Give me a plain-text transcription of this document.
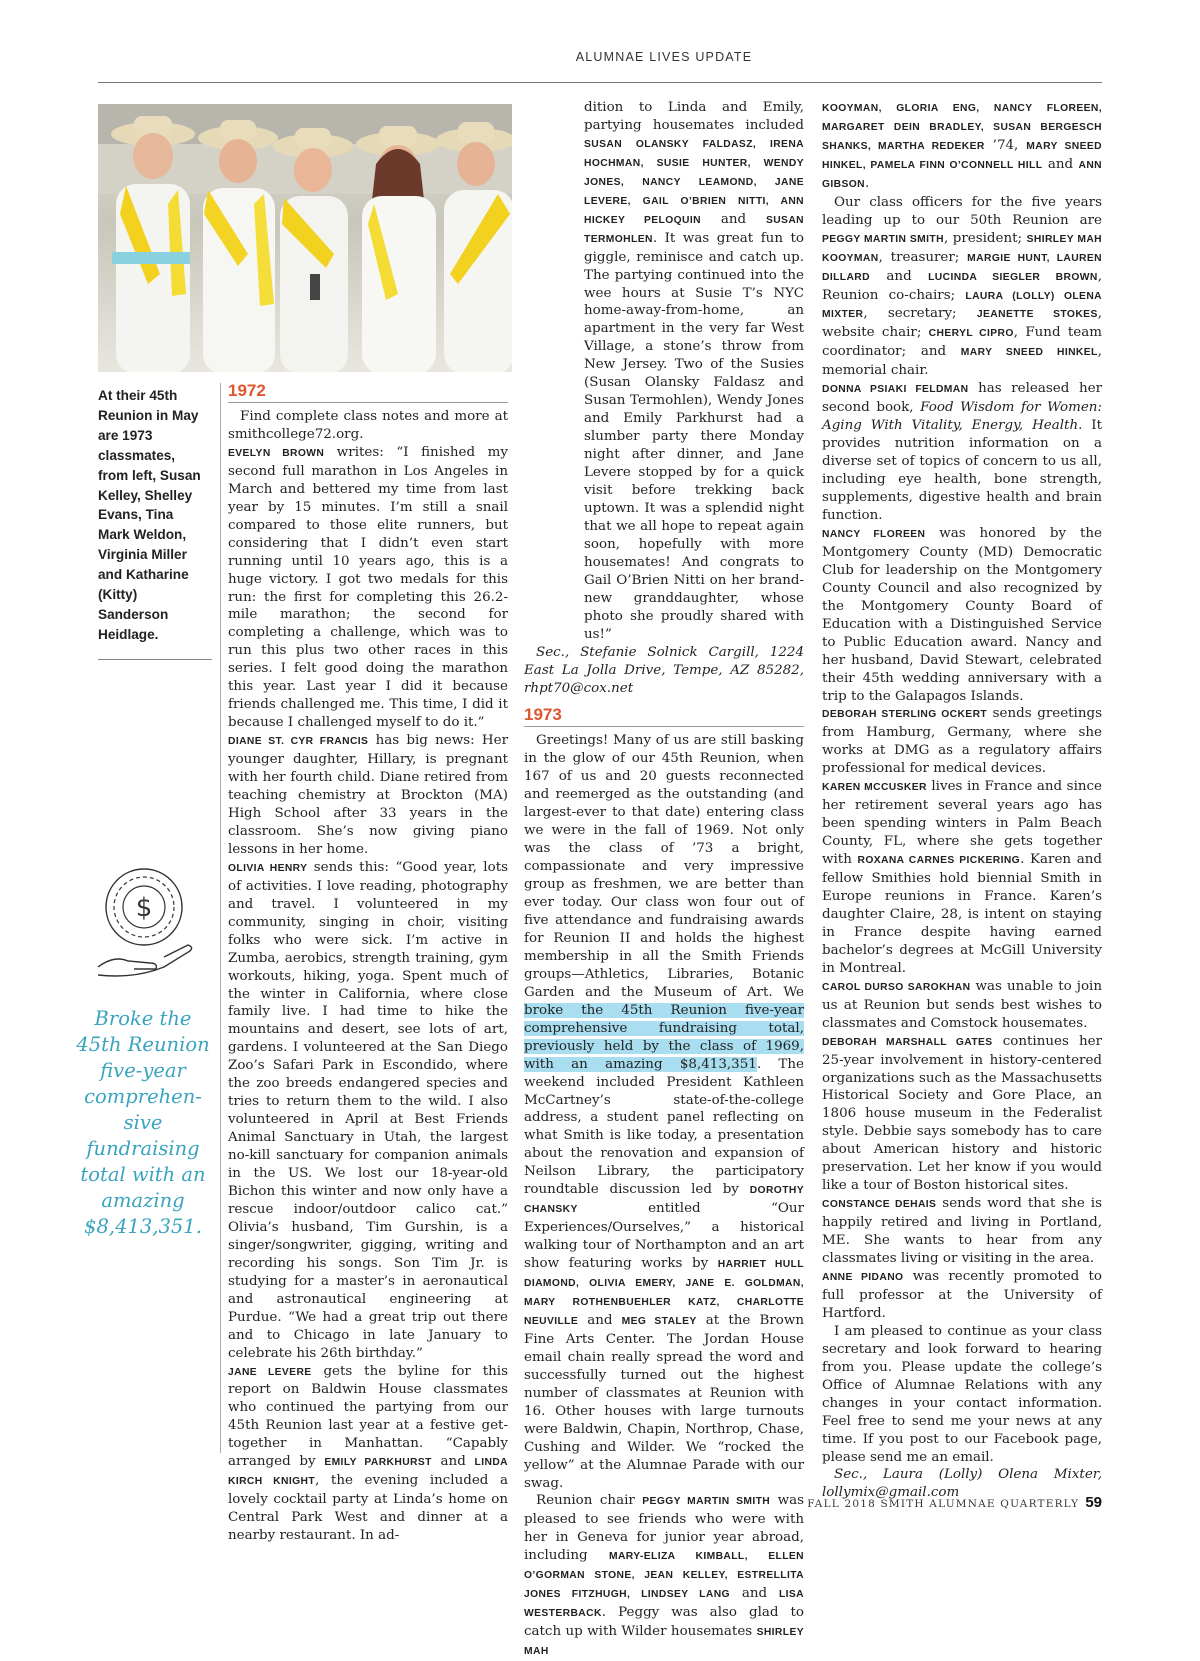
ALUMNAE LIVES UPDATE
At their 45th Reunion in May are 1973 classmates, from left, Susan Kelley, Shelley Evans, Tina Mark Weldon, Virginia Miller and Katharine (Kitty) Sanderson Heidlage.
$
Broke the 45th Reunion five-year comprehen-sive fundraising total with an amazing $8,413,351.
1972

Find complete class notes and more at smithcollege72.org.

EVELYN BROWN writes: “I finished my second full marathon in Los Angeles in March and bettered my time from last year by 15 minutes. I’m still a snail compared to those elite runners, but considering that I didn’t even start running until 10 years ago, this is a huge victory. I got two medals for this run: the first for completing this 26.2-mile marathon; the second for completing a challenge, which was to run this plus two other races in this series. I felt good doing the marathon this year. Last year I did it because friends challenged me. This time, I did it because I challenged myself to do it.”

DIANE ST. CYR FRANCIS has big news: Her younger daughter, Hillary, is pregnant with her fourth child. Diane retired from teaching chemistry at Brockton (MA) High School after 33 years in the classroom. She’s now giving piano lessons in her home.

OLIVIA HENRY sends this: “Good year, lots of activities. I love reading, photography and travel. I volunteered in my community, singing in choir, visiting folks who were sick. I’m active in Zumba, aerobics, strength training, gym workouts, hiking, yoga. Spent much of the winter in California, where close family live. I had time to hike the mountains and desert, see lots of art, gardens. I volunteered at the San Diego Zoo’s Safari Park in Escondido, where the zoo breeds endangered species and tries to return them to the wild. I also volunteered in April at Best Friends Animal Sanctuary in Utah, the largest no-kill sanctuary for companion animals in the US. We lost our 18-year-old Bichon this winter and now only have a rescue indoor/outdoor calico cat.” Olivia’s husband, Tim Gurshin, is a singer/songwriter, gigging, writing and recording his songs. Son Tim Jr. is studying for a master’s in aeronautical and astronautical engineering at Purdue. “We had a great trip out there and to Chicago in late January to celebrate his 26th birthday.”

JANE LEVERE gets the byline for this report on Baldwin House classmates who continued the partying from our 45th Reunion last year at a festive get-together in Manhattan. “Capably arranged by EMILY PARKHURST and LINDA KIRCH KNIGHT, the evening included a lovely cocktail party at Linda’s home on Central Park West and dinner at a nearby restaurant. In ad-

dition to Linda and Emily, partying housemates included SUSAN OLANSKY FALDASZ, IRENA HOCHMAN, SUSIE HUNTER, WENDY JONES, NANCY LEAMOND, JANE LEVERE, GAIL O’BRIEN NITTI, ANN HICKEY PELOQUIN and SUSAN TERMOHLEN. It was great fun to giggle, reminisce and catch up. The partying continued into the wee hours at Susie T’s NYC home-away-from-home, an apartment in the very far West Village, a stone’s throw from New Jersey. Two of the Susies (Susan Olansky Faldasz and Susan Termohlen), Wendy Jones and Emily Parkhurst had a slumber party there Monday night after dinner, and Jane Levere stopped by for a quick visit before trekking back uptown. It was a splendid night that we all hope to repeat again soon, hopefully with more housemates! And congrats to Gail O’Brien Nitti on her brand-new granddaughter, whose photo she proudly shared with us!”

Sec., Stefanie Solnick Cargill, 1224 East La Jolla Drive, Tempe, AZ 85282, rhpt70@cox.net

1973

Greetings! Many of us are still basking in the glow of our 45th Reunion, when 167 of us and 20 guests reconnected and reemerged as the outstanding (and largest-ever to that date) entering class we were in the fall of 1969. Not only was the class of ’73 a bright, compassionate and very impressive group as freshmen, we are better than ever today. Our class won four out of five attendance and fundraising awards for Reunion II and holds the highest membership in all the Smith Friends groups—Athletics, Libraries, Botanic Garden and the Museum of Art. We broke the 45th Reunion five-year comprehensive fundraising total, previously held by the class of 1969, with an amazing $8,413,351. The weekend included President Kathleen McCartney’s state-of-the-college address, a student panel reflecting on what Smith is like today, a presentation about the renovation and expansion of Neilson Library, the participatory roundtable discussion led by DOROTHY CHANSKY entitled “Our Experiences/Ourselves,” a historical walking tour of Northampton and an art show featuring works by HARRIET HULL DIAMOND, OLIVIA EMERY, JANE E. GOLDMAN, MARY ROTHENBUEHLER KATZ, CHARLOTTE NEUVILLE and MEG STALEY at the Brown Fine Arts Center. The Jordan House email chain really spread the word and successfully turned out the highest number of classmates at Reunion with 16. Other houses with large turnouts were Baldwin, Chapin, Northrop, Chase, Cushing and Wilder. We “rocked the yellow” at the Alumnae Parade with our swag.

Reunion chair PEGGY MARTIN SMITH was pleased to see friends who were with her in Geneva for junior year abroad, including MARY-ELIZA KIMBALL, ELLEN O’GORMAN STONE, JEAN KELLEY, ESTRELLITA JONES FITZHUGH, LINDSEY LANG and LISA WESTERBACK. Peggy was also glad to catch up with Wilder housemates SHIRLEY MAH

KOOYMAN, GLORIA ENG, NANCY FLOREEN, MARGARET DEIN BRADLEY, SUSAN BERGESCH SHANKS, MARTHA REDEKER ’74, MARY SNEED HINKEL, PAMELA FINN O’CONNELL HILL and ANN GIBSON.

Our class officers for the five years leading up to our 50th Reunion are PEGGY MARTIN SMITH, president; SHIRLEY MAH KOOYMAN, treasurer; MARGIE HUNT, LAUREN DILLARD and LUCINDA SIEGLER BROWN, Reunion co-chairs; LAURA (LOLLY) OLENA MIXTER, secretary; JEANETTE STOKES, website chair; CHERYL CIPRO, Fund team coordinator; and MARY SNEED HINKEL, memorial chair.

DONNA PSIAKI FELDMAN has released her second book, Food Wisdom for Women: Aging With Vitality, Energy, Health. It provides nutrition information on a diverse set of topics of concern to us all, including eye health, bone strength, supplements, digestive health and brain function.

NANCY FLOREEN was honored by the Montgomery County (MD) Democratic Club for leadership on the Montgomery County Council and also recognized by the Montgomery County Board of Education with a Distinguished Service to Public Education award. Nancy and her husband, David Stewart, celebrated their 45th wedding anniversary with a trip to the Galapagos Islands.

DEBORAH STERLING OCKERT sends greetings from Hamburg, Germany, where she works at DMG as a regulatory affairs professional for medical devices.

KAREN MCCUSKER lives in France and since her retirement several years ago has been spending winters in Palm Beach County, FL, where she gets together with ROXANA CARNES PICKERING. Karen and fellow Smithies hold biennial Smith in Europe reunions in France. Karen’s daughter Claire, 28, is intent on staying in France despite having earned bachelor’s degrees at McGill University in Montreal.

CAROL DURSO SAROKHAN was unable to join us at Reunion but sends best wishes to classmates and Comstock housemates.

DEBORAH MARSHALL GATES continues her 25-year involvement in history-centered organizations such as the Massachusetts Historical Society and Gore Place, an 1806 house museum in the Federalist style. Debbie says somebody has to care about American history and historic preservation. Let her know if you would like a tour of Boston historical sites.

CONSTANCE DEHAIS sends word that she is happily retired and living in Portland, ME. She wants to hear from any classmates living or visiting in the area.

ANNE PIDANO was recently promoted to full professor at the University of Hartford.

I am pleased to continue as your class secretary and look forward to hearing from you. Please update the college’s Office of Alumnae Relations with any changes in your contact information. Feel free to send me your news at any time. If you post to our Facebook page, please send me an email.

Sec., Laura (Lolly) Olena Mixter, lollymix@gmail.com

FALL 2018 SMITH ALUMNAE QUARTERLY 59
